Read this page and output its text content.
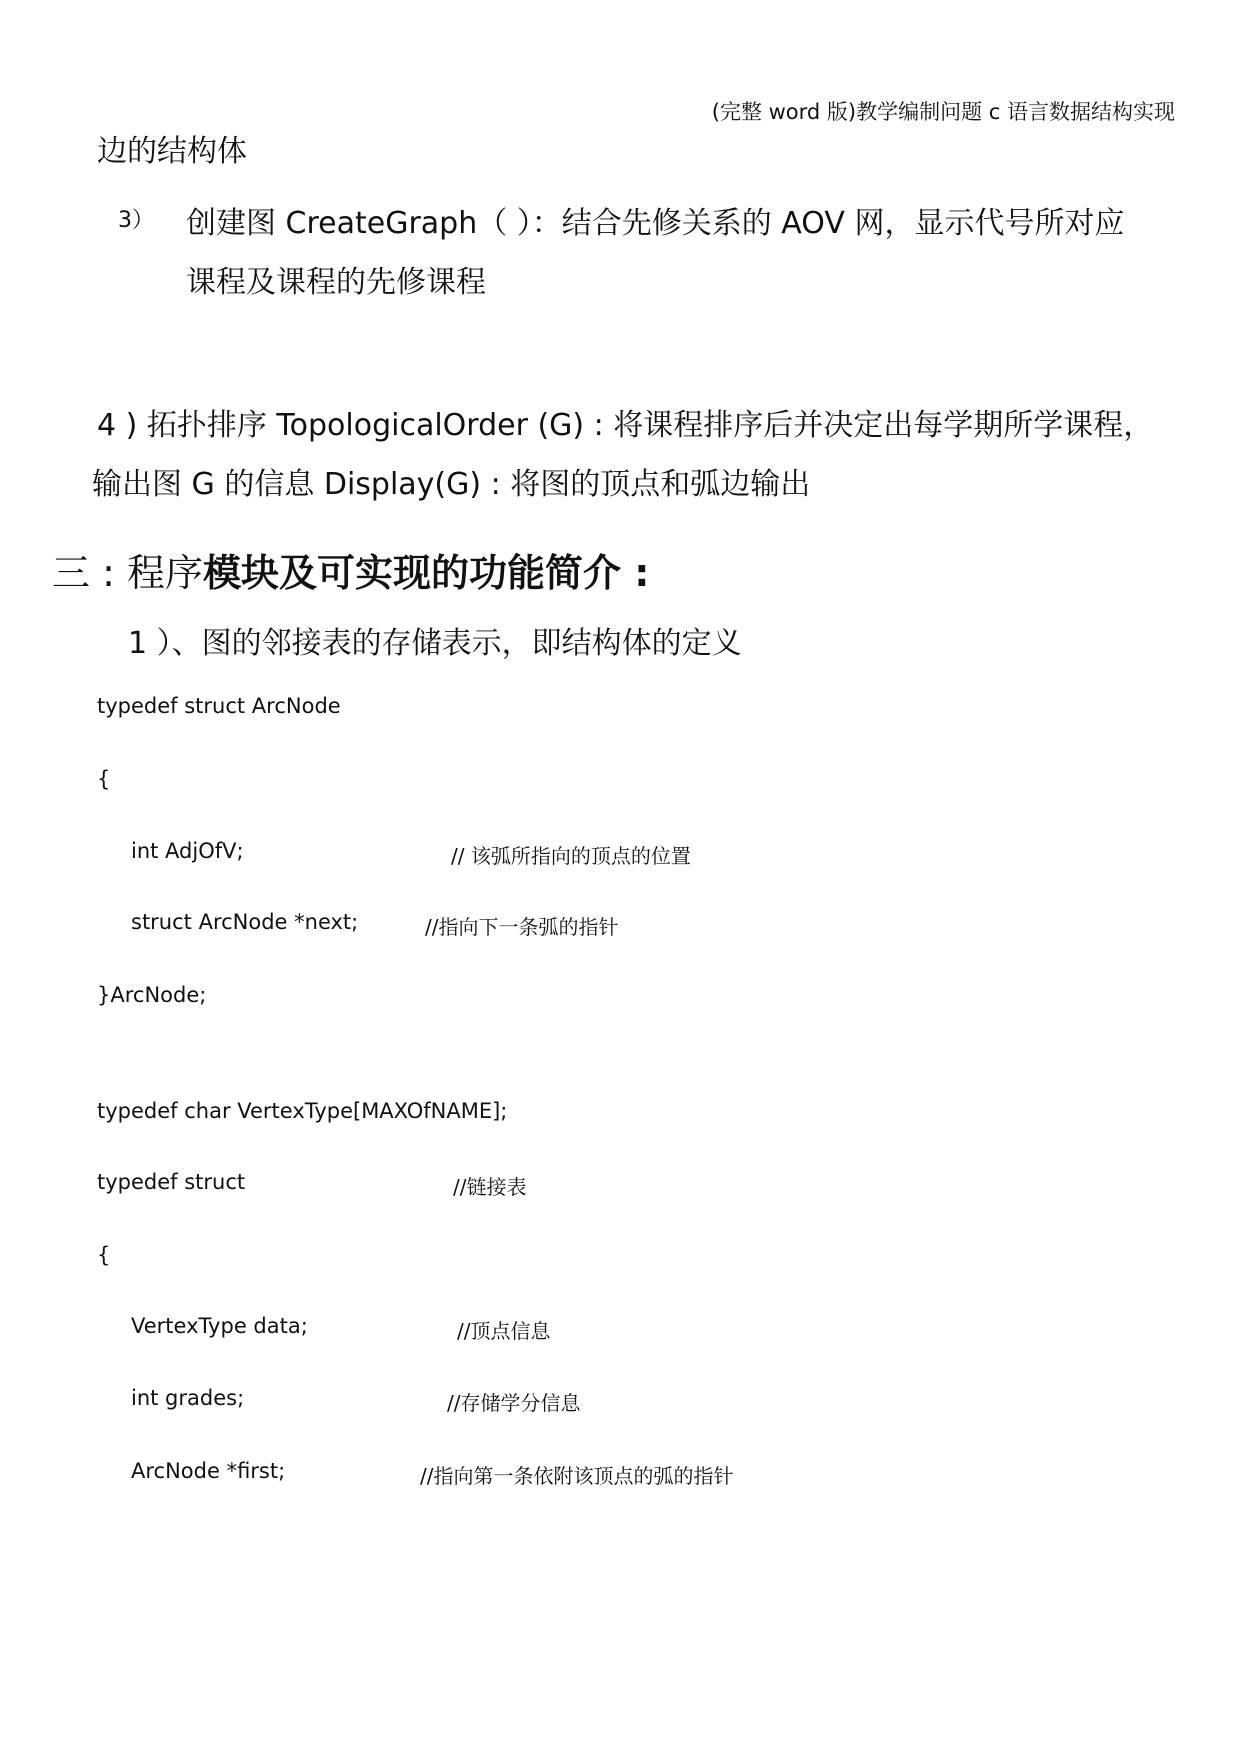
(完整 word 版)教学编制问题 c 语言数据结构实现
边的结构体
3） 创建图 CreateGraph（ ）：结合先修关系的 AOV 网，显示代号所对应
课程及课程的先修课程
4 ) 拓扑排序 TopologicalOrder (G) : 将课程排序后并决定出每学期所学课程，
输出图 G 的信息 Display(G) : 将图的顶点和弧边输出
三 : 程序模块及可实现的功能简介 :
1 ）、图的邻接表的存储表示，即结构体的定义
typedef struct ArcNode
{
int AdjOfV;	// 该弧所指向的顶点的位置
struct ArcNode *next;	//指向下一条弧的指针
}ArcNode;
typedef char VertexType[MAXOfNAME];
typedef struct	//链接表
{
VertexType data;	//顶点信息
int grades;	//存储学分信息
ArcNode *first;	//指向第一条依附该顶点的弧的指针
